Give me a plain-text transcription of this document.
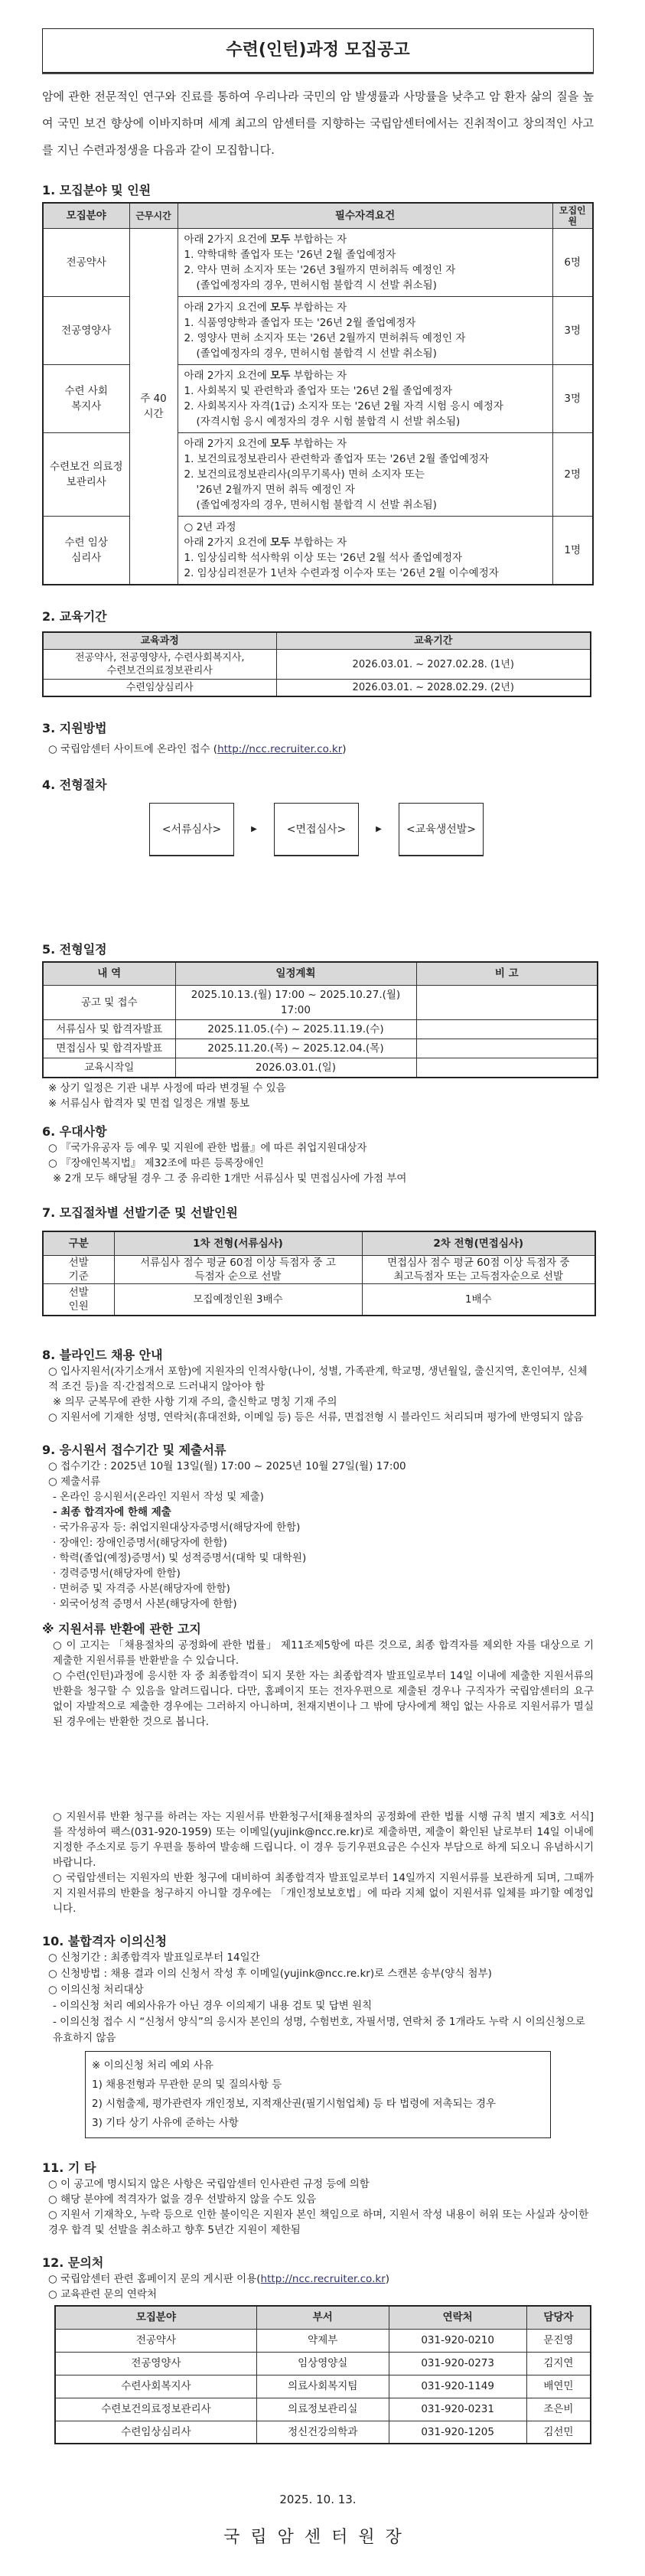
수련(인턴)과정 모집공고

암에 관한 전문적인 연구와 진료를 통하여 우리나라 국민의 암 발생률과 사망률을 낮추고 암 환자 삶의 질을 높여 국민 보건 향상에 이바지하며 세계 최고의 암센터를 지향하는 국립암센터에서는 진취적이고 창의적인 사고를 지닌 수련과정생을 다음과 같이 모집합니다.

1. 모집분야 및 인원
모집분야	근무시간	필수자격요건	모집인원
전공약사	주 40시간	아래 2가지 요건에 모두 부합하는 자
1. 약학대학 졸업자 또는 '26년 2월 졸업예정자
2. 약사 면허 소지자 또는 '26년 3월까지 면허취득 예정인 자
(졸업예정자의 경우, 면허시험 불합격 시 선발 취소됨)	6명
전공영양사		아래 2가지 요건에 모두 부합하는 자
1. 식품영양학과 졸업자 또는 '26년 2월 졸업예정자
2. 영양사 면허 소지자 또는 '26년 2월까지 면허취득 예정인 자
(졸업예정자의 경우, 면허시험 불합격 시 선발 취소됨)	3명
수련 사회복지사		아래 2가지 요건에 모두 부합하는 자
1. 사회복지 및 관련학과 졸업자 또는 '26년 2월 졸업예정자
2. 사회복지사 자격(1급) 소지자 또는 '26년 2월 자격 시험 응시 예정자
(자격시험 응시 예정자의 경우 시험 불합격 시 선발 취소됨)	3명
수련보건 의료정보관리사		아래 2가지 요건에 모두 부합하는 자
1. 보건의료정보관리사 관련학과 졸업자 또는 '26년 2월 졸업예정자
2. 보건의료정보관리사(의무기록사) 면허 소지자 또는
'26년 2월까지 면허 취득 예정인 자
(졸업예정자의 경우, 면허시험 불합격 시 선발 취소됨)	2명
수련 임상심리사		○ 2년 과정
아래 2가지 요건에 모두 부합하는 자
1. 임상심리학 석사학위 이상 또는 '26년 2월 석사 졸업예정자
2. 임상심리전문가 1년차 수련과정 이수자 또는 '26년 2월 이수예정자	1명
2. 교육기간
교육과정	교육기간
전공약사, 전공영양사, 수련사회복지사, 수련보건의료정보관리사	2026.03.01. ~ 2027.02.28. (1년)
수련임상심리사	2026.03.01. ~ 2028.02.29. (2년)
3. 지원방법
○ 국립암센터 사이트에 온라인 접수 (http://ncc.recruiter.co.kr)
4. 전형절차
<서류심사>	▶	<면접심사>	▶	<교육생선발>
5. 전형일정
내 역	일정계획	비 고
공고 및 접수	2025.10.13.(월) 17:00 ~ 2025.10.27.(월) 17:00	
서류심사 및 합격자발표	2025.11.05.(수) ~ 2025.11.19.(수)	
면접심사 및 합격자발표	2025.11.20.(목) ~ 2025.12.04.(목)	
교육시작일	2026.03.01.(일)	
※ 상기 일정은 기관 내부 사정에 따라 변경될 수 있음
※ 서류심사 합격자 및 면접 일정은 개별 통보
6. 우대사항
○ 『국가유공자 등 예우 및 지원에 관한 법률』에 따른 취업지원대상자
○ 『장애인복지법』 제32조에 따른 등록장애인
※ 2개 모두 해당될 경우 그 중 유리한 1개만 서류심사 및 면접심사에 가점 부여
7. 모집절차별 선발기준 및 선발인원
구분	1차 전형(서류심사)	2차 전형(면접심사)
선발 기준	서류심사 점수 평균 60점 이상 득점자 중 고득점자 순으로 선발	면접심사 점수 평균 60점 이상 득점자 중 최고득점자 또는 고득점자순으로 선발
선발 인원	모집예정인원 3배수	1배수
8. 블라인드 채용 안내
○ 입사지원서(자기소개서 포함)에 지원자의 인적사항(나이, 성별, 가족관계, 학교명, 생년월일, 출신지역, 혼인여부, 신체적 조건 등)을 직·간접적으로 드러내지 않아야 함
※ 의무 군복무에 관한 사항 기재 주의, 출신학교 명칭 기재 주의
○ 지원서에 기재한 성명, 연락처(휴대전화, 이메일 등) 등은 서류, 면접전형 시 블라인드 처리되며 평가에 반영되지 않음
9. 응시원서 접수기간 및 제출서류
○ 접수기간 : 2025년 10월 13일(월) 17:00 ~ 2025년 10월 27일(월) 17:00
○ 제출서류
- 온라인 응시원서(온라인 지원서 작성 및 제출)
- 최종 합격자에 한해 제출
· 국가유공자 등: 취업지원대상자증명서(해당자에 한함)
· 장애인: 장애인증명서(해당자에 한함)
· 학력(졸업(예정)증명서) 및 성적증명서(대학 및 대학원)
· 경력증명서(해당자에 한함)
· 면허증 및 자격증 사본(해당자에 한함)
· 외국어성적 증명서 사본(해당자에 한함)
※ 지원서류 반환에 관한 고지
○ 이 고지는 「채용절차의 공정화에 관한 법률」 제11조제5항에 따른 것으로, 최종 합격자를 제외한 자를 대상으로 기 제출한 지원서류를 반환받을 수 있습니다.
○ 수련(인턴)과정에 응시한 자 중 최종합격이 되지 못한 자는 최종합격자 발표일로부터 14일 이내에 제출한 지원서류의 반환을 청구할 수 있음을 알려드립니다. 다만, 홈페이지 또는 전자우편으로 제출된 경우나 구직자가 국립암센터의 요구 없이 자발적으로 제출한 경우에는 그러하지 아니하며, 천재지변이나 그 밖에 당사에게 책임 없는 사유로 지원서류가 멸실된 경우에는 반환한 것으로 봅니다.
○ 지원서류 반환 청구를 하려는 자는 지원서류 반환청구서[채용절차의 공정화에 관한 법률 시행 규칙 별지 제3호 서식]를 작성하여 팩스(031-920-1959) 또는 이메일(yujink@ncc.re.kr)로 제출하면, 제출이 확인된 날로부터 14일 이내에 지정한 주소지로 등기 우편을 통하여 발송해 드립니다. 이 경우 등기우편요금은 수신자 부담으로 하게 되오니 유념하시기 바랍니다.
○ 국립암센터는 지원자의 반환 청구에 대비하여 최종합격자 발표일로부터 14일까지 지원서류를 보관하게 되며, 그때까지 지원서류의 반환을 청구하지 아니할 경우에는 「개인정보보호법」에 따라 지체 없이 지원서류 일체를 파기할 예정입니다.
10. 불합격자 이의신청
○ 신청기간 : 최종합격자 발표일로부터 14일간
○ 신청방법 : 채용 결과 이의 신청서 작성 후 이메일(yujink@ncc.re.kr)로 스캔본 송부(양식 첨부)
○ 이의신청 처리대상
- 이의신청 처리 예외사유가 아닌 경우 이의제기 내용 검토 및 답변 원칙
- 이의신청 접수 시 “신청서 양식”의 응시자 본인의 성명, 수험번호, 자필서명, 연락처 중 1개라도 누락 시 이의신청으로 유효하지 않음
※ 이의신청 처리 예외 사유
1) 채용전형과 무관한 문의 및 질의사항 등
2) 시험출제, 평가관련자 개인정보, 지적재산권(필기시험업체) 등 타 법령에 저촉되는 경우
3) 기타 상기 사유에 준하는 사항
11. 기 타
○ 이 공고에 명시되지 않은 사항은 국립암센터 인사관련 규정 등에 의함
○ 해당 분야에 적격자가 없을 경우 선발하지 않을 수도 있음
○ 지원서 기재착오, 누락 등으로 인한 불이익은 지원자 본인 책임으로 하며, 지원서 작성 내용이 허위 또는 사실과 상이한 경우 합격 및 선발을 취소하고 향후 5년간 지원이 제한됨
12. 문의처
○ 국립암센터 관련 홈페이지 문의 게시판 이용(http://ncc.recruiter.co.kr)
○ 교육관련 문의 연락처
모집분야	부서	연락처	담당자
전공약사	약제부	031-920-0210	문진영
전공영양사	임상영양실	031-920-0273	김지연
수련사회복지사	의료사회복지팀	031-920-1149	배연민
수련보건의료정보관리사	의료정보관리실	031-920-0231	조은비
수련임상심리사	정신건강의학과	031-920-1205	김선민
2025. 10. 13.
국립암센터원장
